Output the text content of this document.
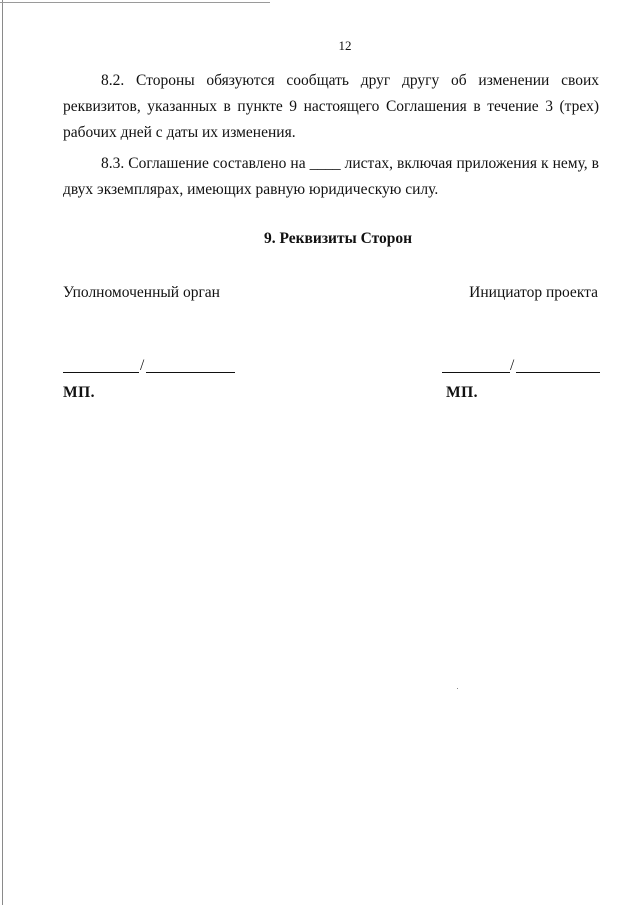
12
8.2. Стороны обязуются сообщать друг другу об изменении своих реквизитов, указанных в пункте 9 настоящего Соглашения в течение 3 (трех) рабочих дней с даты их изменения.
8.3. Соглашение составлено на ____ листах, включая приложения к нему, в двух экземплярах, имеющих равную юридическую силу.
9. Реквизиты Сторон
Уполномоченный орган	Инициатор проекта
/	/
МП.	МП.
